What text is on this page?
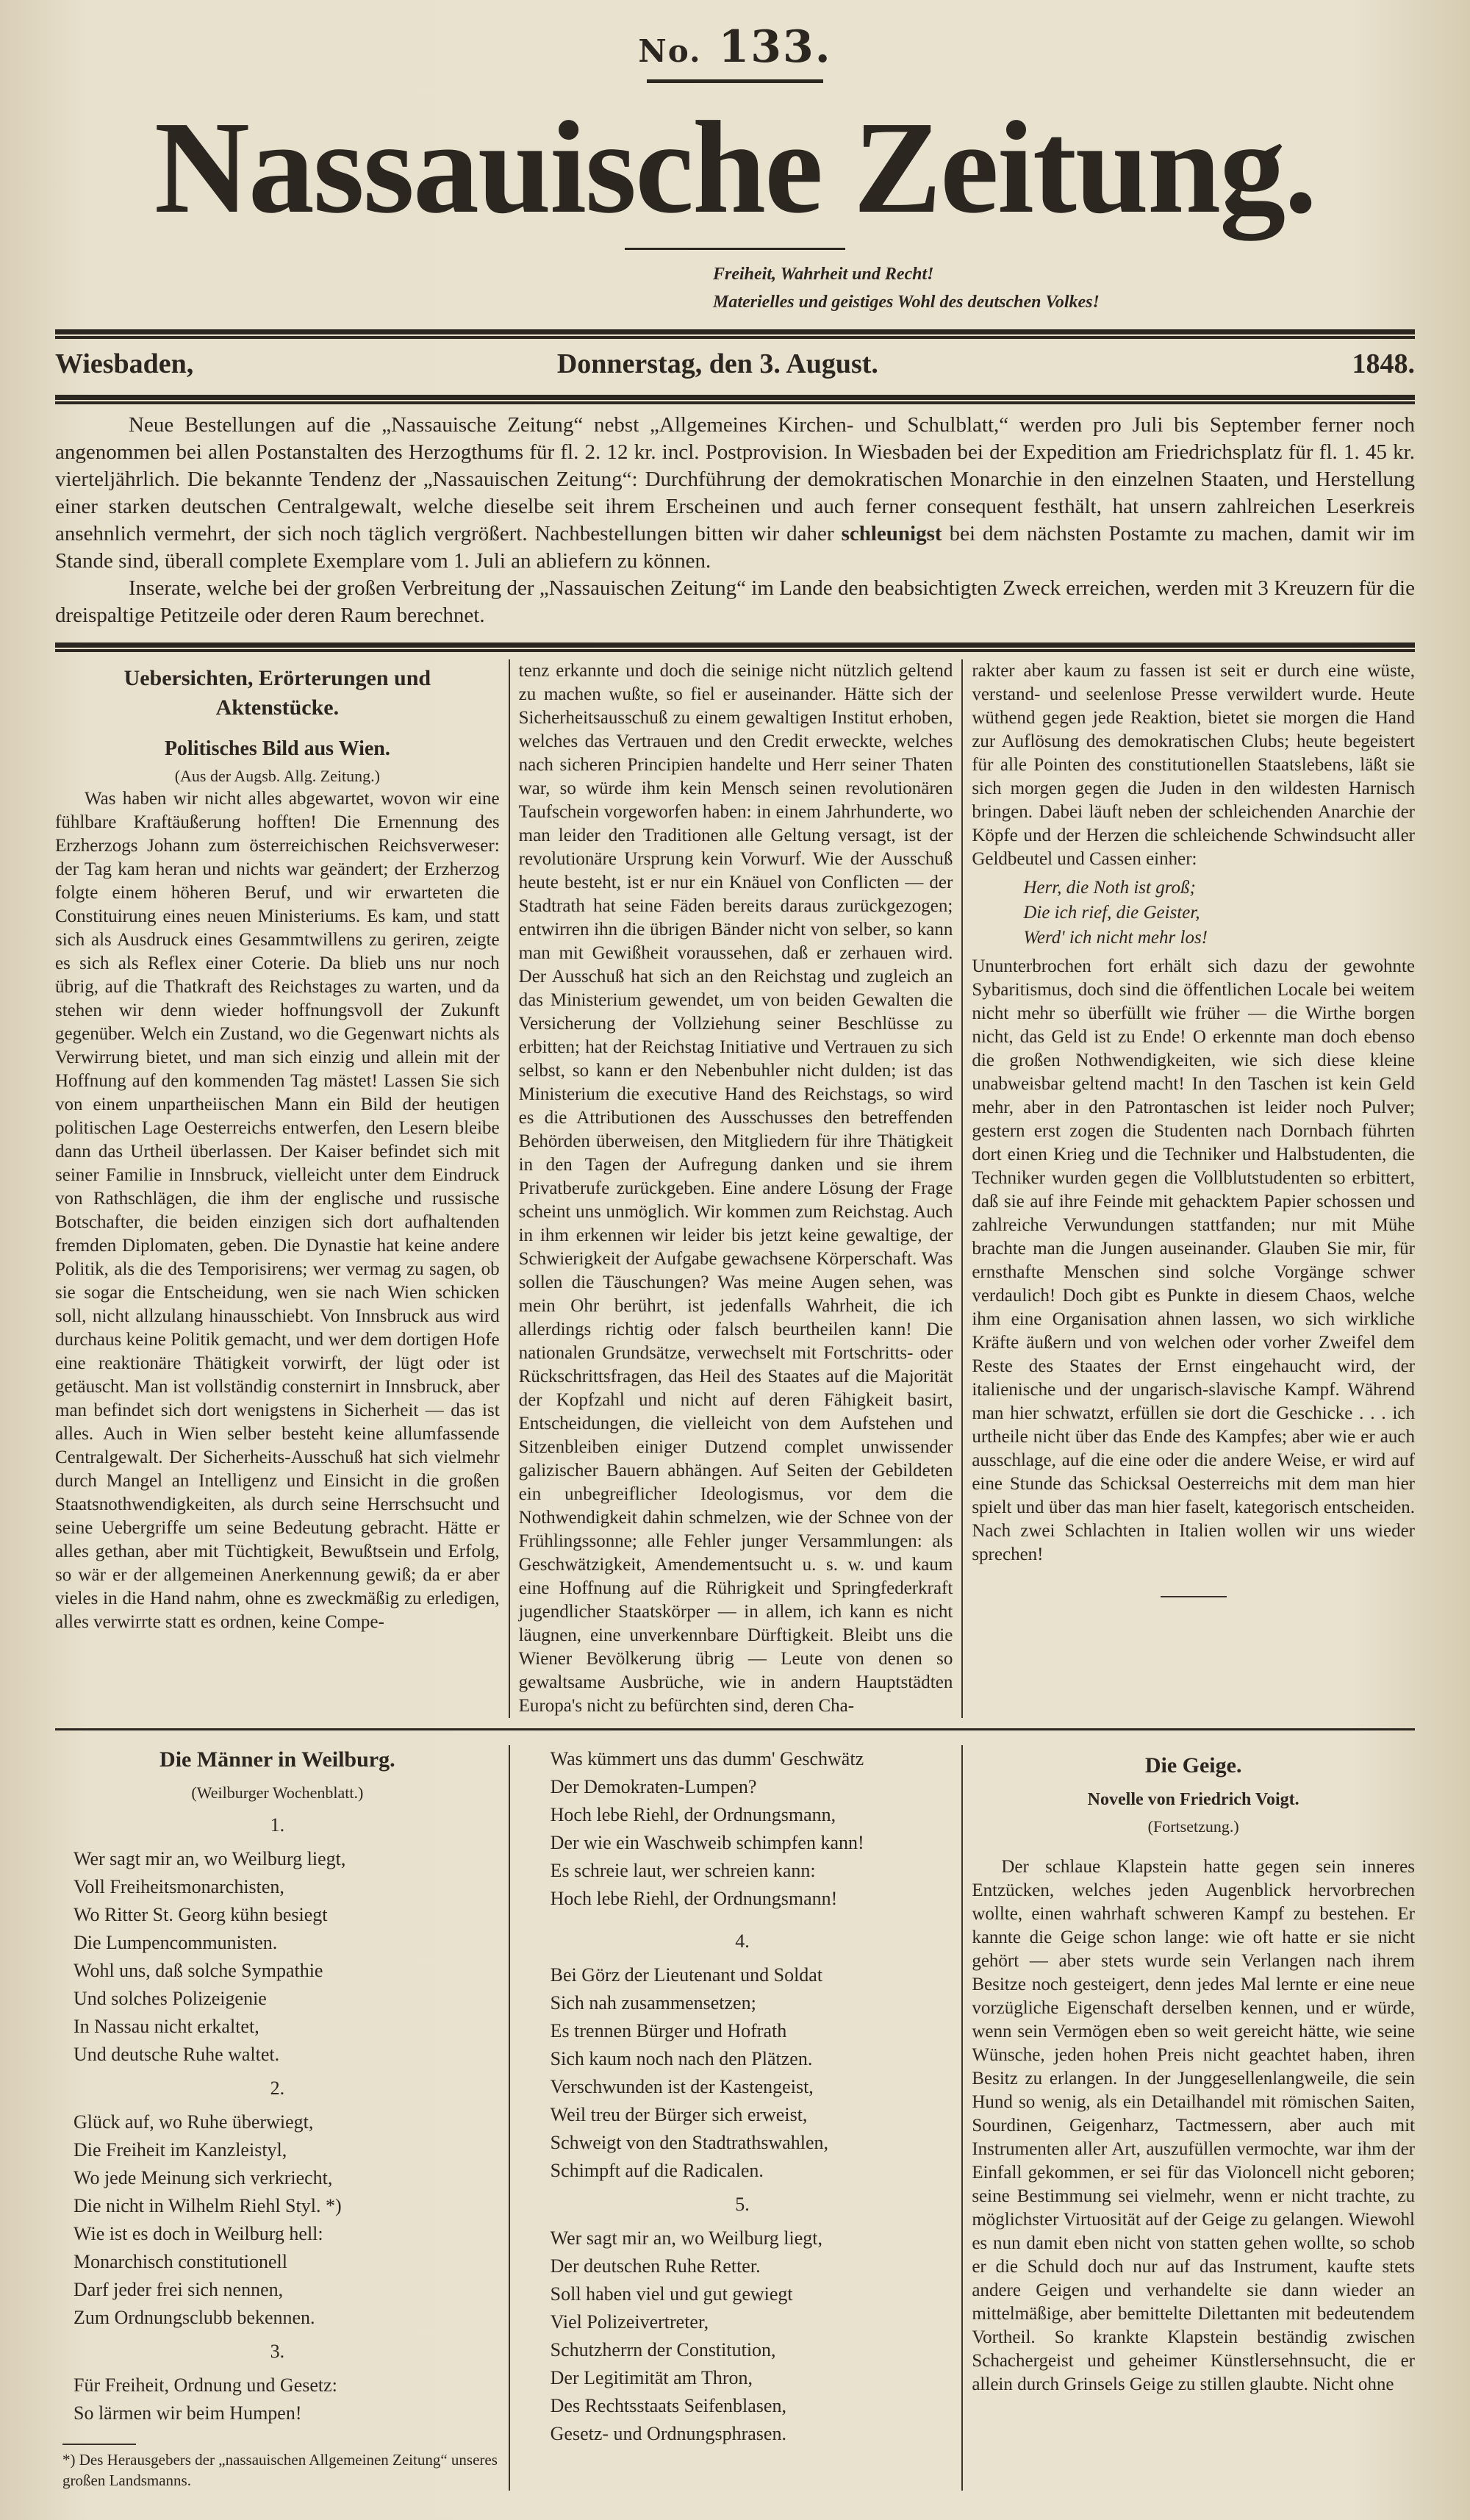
No. 133.
Nassauische Zeitung.
Freiheit, Wahrheit und Recht!
Materielles und geistiges Wohl des deutschen Volkes!
Wiesbaden,	Donnerstag, den 3. August.	1848.

Neue Bestellungen auf die „Nassauische Zeitung“ nebst „Allgemeines Kirchen- und Schulblatt,“ werden pro Juli bis September ferner noch angenommen bei allen Postanstalten des Herzogthums für fl. 2. 12 kr. incl. Postprovision. In Wiesbaden bei der Expedition am Friedrichsplatz für fl. 1. 45 kr. vierteljährlich. Die bekannte Tendenz der „Nassauischen Zeitung“: Durchführung der demokratischen Monarchie in den einzelnen Staaten, und Herstellung einer starken deutschen Centralgewalt, welche dieselbe seit ihrem Erscheinen und auch ferner consequent festhält, hat unsern zahlreichen Leserkreis ansehnlich vermehrt, der sich noch täglich vergrößert. Nachbestellungen bitten wir daher schleunigst bei dem nächsten Postamte zu machen, damit wir im Stande sind, überall complete Exemplare vom 1. Juli an abliefern zu können.

Inserate, welche bei der großen Verbreitung der „Nassauischen Zeitung“ im Lande den beabsichtigten Zweck erreichen, werden mit 3 Kreuzern für die dreispaltige Petitzeile oder deren Raum berechnet.

Uebersichten, Erörterungen und Aktenstücke.
Politisches Bild aus Wien.
(Aus der Augsb. Allg. Zeitung.)

Was haben wir nicht alles abgewartet, wovon wir eine fühlbare Kraftäußerung hofften! Die Ernennung des Erzherzogs Johann zum österreichischen Reichsverweser: der Tag kam heran und nichts war geändert; der Erzherzog folgte einem höheren Beruf, und wir erwarteten die Constituirung eines neuen Ministeriums. Es kam, und statt sich als Ausdruck eines Gesammtwillens zu geriren, zeigte es sich als Reflex einer Coterie. Da blieb uns nur noch übrig, auf die Thatkraft des Reichstages zu warten, und da stehen wir denn wieder hoffnungsvoll der Zukunft gegenüber. Welch ein Zustand, wo die Gegenwart nichts als Verwirrung bietet, und man sich einzig und allein mit der Hoffnung auf den kommenden Tag mästet! Lassen Sie sich von einem unpartheiischen Mann ein Bild der heutigen politischen Lage Oesterreichs entwerfen, den Lesern bleibe dann das Urtheil überlassen. Der Kaiser befindet sich mit seiner Familie in Innsbruck, vielleicht unter dem Eindruck von Rathschlägen, die ihm der englische und russische Botschafter, die beiden einzigen sich dort aufhaltenden fremden Diplomaten, geben. Die Dynastie hat keine andere Politik, als die des Temporisirens; wer vermag zu sagen, ob sie sogar die Entscheidung, wen sie nach Wien schicken soll, nicht allzulang hinausschiebt. Von Innsbruck aus wird durchaus keine Politik gemacht, und wer dem dortigen Hofe eine reaktionäre Thätigkeit vorwirft, der lügt oder ist getäuscht. Man ist vollständig consternirt in Innsbruck, aber man befindet sich dort wenigstens in Sicherheit — das ist alles. Auch in Wien selber besteht keine allumfassende Centralgewalt. Der Sicherheits-Ausschuß hat sich vielmehr durch Mangel an Intelligenz und Einsicht in die großen Staatsnothwendigkeiten, als durch seine Herrschsucht und seine Uebergriffe um seine Bedeutung gebracht. Hätte er alles gethan, aber mit Tüchtigkeit, Bewußtsein und Erfolg, so wär er der allgemeinen Anerkennung gewiß; da er aber vieles in die Hand nahm, ohne es zweckmäßig zu erledigen, alles verwirrte statt es ordnen, keine Compe-

tenz erkannte und doch die seinige nicht nützlich geltend zu machen wußte, so fiel er auseinander. Hätte sich der Sicherheitsausschuß zu einem gewaltigen Institut erhoben, welches das Vertrauen und den Credit erweckte, welches nach sicheren Principien handelte und Herr seiner Thaten war, so würde ihm kein Mensch seinen revolutionären Taufschein vorgeworfen haben: in einem Jahrhunderte, wo man leider den Traditionen alle Geltung versagt, ist der revolutionäre Ursprung kein Vorwurf. Wie der Ausschuß heute besteht, ist er nur ein Knäuel von Conflicten — der Stadtrath hat seine Fäden bereits daraus zurückgezogen; entwirren ihn die übrigen Bänder nicht von selber, so kann man mit Gewißheit voraussehen, daß er zerhauen wird. Der Ausschuß hat sich an den Reichstag und zugleich an das Ministerium gewendet, um von beiden Gewalten die Versicherung der Vollziehung seiner Beschlüsse zu erbitten; hat der Reichstag Initiative und Vertrauen zu sich selbst, so kann er den Nebenbuhler nicht dulden; ist das Ministerium die executive Hand des Reichstags, so wird es die Attributionen des Ausschusses den betreffenden Behörden überweisen, den Mitgliedern für ihre Thätigkeit in den Tagen der Aufregung danken und sie ihrem Privatberufe zurückgeben. Eine andere Lösung der Frage scheint uns unmöglich. Wir kommen zum Reichstag. Auch in ihm erkennen wir leider bis jetzt keine gewaltige, der Schwierigkeit der Aufgabe gewachsene Körperschaft. Was sollen die Täuschungen? Was meine Augen sehen, was mein Ohr berührt, ist jedenfalls Wahrheit, die ich allerdings richtig oder falsch beurtheilen kann! Die nationalen Grundsätze, verwechselt mit Fortschritts- oder Rückschrittsfragen, das Heil des Staates auf die Majorität der Kopfzahl und nicht auf deren Fähigkeit basirt, Entscheidungen, die vielleicht von dem Aufstehen und Sitzenbleiben einiger Dutzend complet unwissender galizischer Bauern abhängen. Auf Seiten der Gebildeten ein unbegreiflicher Ideologismus, vor dem die Nothwendigkeit dahin schmelzen, wie der Schnee von der Frühlingssonne; alle Fehler junger Versammlungen: als Geschwätzigkeit, Amendementsucht u. s. w. und kaum eine Hoffnung auf die Rührigkeit und Springfederkraft jugendlicher Staatskörper — in allem, ich kann es nicht läugnen, eine unverkennbare Dürftigkeit. Bleibt uns die Wiener Bevölkerung übrig — Leute von denen so gewaltsame Ausbrüche, wie in andern Hauptstädten Europa's nicht zu befürchten sind, deren Cha-

rakter aber kaum zu fassen ist seit er durch eine wüste, verstand- und seelenlose Presse verwildert wurde. Heute wüthend gegen jede Reaktion, bietet sie morgen die Hand zur Auflösung des demokratischen Clubs; heute begeistert für alle Pointen des constitutionellen Staatslebens, läßt sie sich morgen gegen die Juden in den wildesten Harnisch bringen. Dabei läuft neben der schleichenden Anarchie der Köpfe und der Herzen die schleichende Schwindsucht aller Geldbeutel und Cassen einher:

Herr, die Noth ist groß;
Die ich rief, die Geister,
Werd' ich nicht mehr los!

Ununterbrochen fort erhält sich dazu der gewohnte Sybaritismus, doch sind die öffentlichen Locale bei weitem nicht mehr so überfüllt wie früher — die Wirthe borgen nicht, das Geld ist zu Ende! O erkennte man doch ebenso die großen Nothwendigkeiten, wie sich diese kleine unabweisbar geltend macht! In den Taschen ist kein Geld mehr, aber in den Patrontaschen ist leider noch Pulver; gestern erst zogen die Studenten nach Dornbach führten dort einen Krieg und die Techniker und Halbstudenten, die Techniker wurden gegen die Vollblutstudenten so erbittert, daß sie auf ihre Feinde mit gehacktem Papier schossen und zahlreiche Verwundungen stattfanden; nur mit Mühe brachte man die Jungen auseinander. Glauben Sie mir, für ernsthafte Menschen sind solche Vorgänge schwer verdaulich! Doch gibt es Punkte in diesem Chaos, welche ihm eine Organisation ahnen lassen, wo sich wirkliche Kräfte äußern und von welchen oder vorher Zweifel dem Reste des Staates der Ernst eingehaucht wird, der italienische und der ungarisch-slavische Kampf. Während man hier schwatzt, erfüllen sie dort die Geschicke . . . ich urtheile nicht über das Ende des Kampfes; aber wie er auch ausschlage, auf die eine oder die andere Weise, er wird auf eine Stunde das Schicksal Oesterreichs mit dem man hier spielt und über das man hier faselt, kategorisch entscheiden. Nach zwei Schlachten in Italien wollen wir uns wieder sprechen!

Die Männer in Weilburg.
(Weilburger Wochenblatt.)
1.
Wer sagt mir an, wo Weilburg liegt,
Voll Freiheitsmonarchisten,
Wo Ritter St. Georg kühn besiegt
Die Lumpencommunisten.
Wohl uns, daß solche Sympathie
Und solches Polizeigenie
In Nassau nicht erkaltet,
Und deutsche Ruhe waltet.
2.
Glück auf, wo Ruhe überwiegt,
Die Freiheit im Kanzleistyl,
Wo jede Meinung sich verkriecht,
Die nicht in Wilhelm Riehl Styl. *)
Wie ist es doch in Weilburg hell:
Monarchisch constitutionell
Darf jeder frei sich nennen,
Zum Ordnungsclubb bekennen.
3.
Für Freiheit, Ordnung und Gesetz:
So lärmen wir beim Humpen!
*) Des Herausgebers der „nassauischen Allgemeinen Zeitung“ unseres großen Landsmanns.
Was kümmert uns das dumm' Geschwätz
Der Demokraten-Lumpen?
Hoch lebe Riehl, der Ordnungsmann,
Der wie ein Waschweib schimpfen kann!
Es schreie laut, wer schreien kann:
Hoch lebe Riehl, der Ordnungsmann!
4.
Bei Görz der Lieutenant und Soldat
Sich nah zusammensetzen;
Es trennen Bürger und Hofrath
Sich kaum noch nach den Plätzen.
Verschwunden ist der Kastengeist,
Weil treu der Bürger sich erweist,
Schweigt von den Stadtrathswahlen,
Schimpft auf die Radicalen.
5.
Wer sagt mir an, wo Weilburg liegt,
Der deutschen Ruhe Retter.
Soll haben viel und gut gewiegt
Viel Polizeivertreter,
Schutzherrn der Constitution,
Der Legitimität am Thron,
Des Rechtsstaats Seifenblasen,
Gesetz- und Ordnungsphrasen.
Die Geige.
Novelle von Friedrich Voigt.
(Fortsetzung.)

Der schlaue Klapstein hatte gegen sein inneres Entzücken, welches jeden Augenblick hervorbrechen wollte, einen wahrhaft schweren Kampf zu bestehen. Er kannte die Geige schon lange: wie oft hatte er sie nicht gehört — aber stets wurde sein Verlangen nach ihrem Besitze noch gesteigert, denn jedes Mal lernte er eine neue vorzügliche Eigenschaft derselben kennen, und er würde, wenn sein Vermögen eben so weit gereicht hätte, wie seine Wünsche, jeden hohen Preis nicht geachtet haben, ihren Besitz zu erlangen. In der Junggesellenlangweile, die sein Hund so wenig, als ein Detailhandel mit römischen Saiten, Sourdinen, Geigenharz, Tactmessern, aber auch mit Instrumenten aller Art, auszufüllen vermochte, war ihm der Einfall gekommen, er sei für das Violoncell nicht geboren; seine Bestimmung sei vielmehr, wenn er nicht trachte, zu möglichster Virtuosität auf der Geige zu gelangen. Wiewohl es nun damit eben nicht von statten gehen wollte, so schob er die Schuld doch nur auf das Instrument, kaufte stets andere Geigen und verhandelte sie dann wieder an mittelmäßige, aber bemittelte Dilettanten mit bedeutendem Vortheil. So krankte Klapstein beständig zwischen Schachergeist und geheimer Künstlersehnsucht, die er allein durch Grinsels Geige zu stillen glaubte. Nicht ohne
